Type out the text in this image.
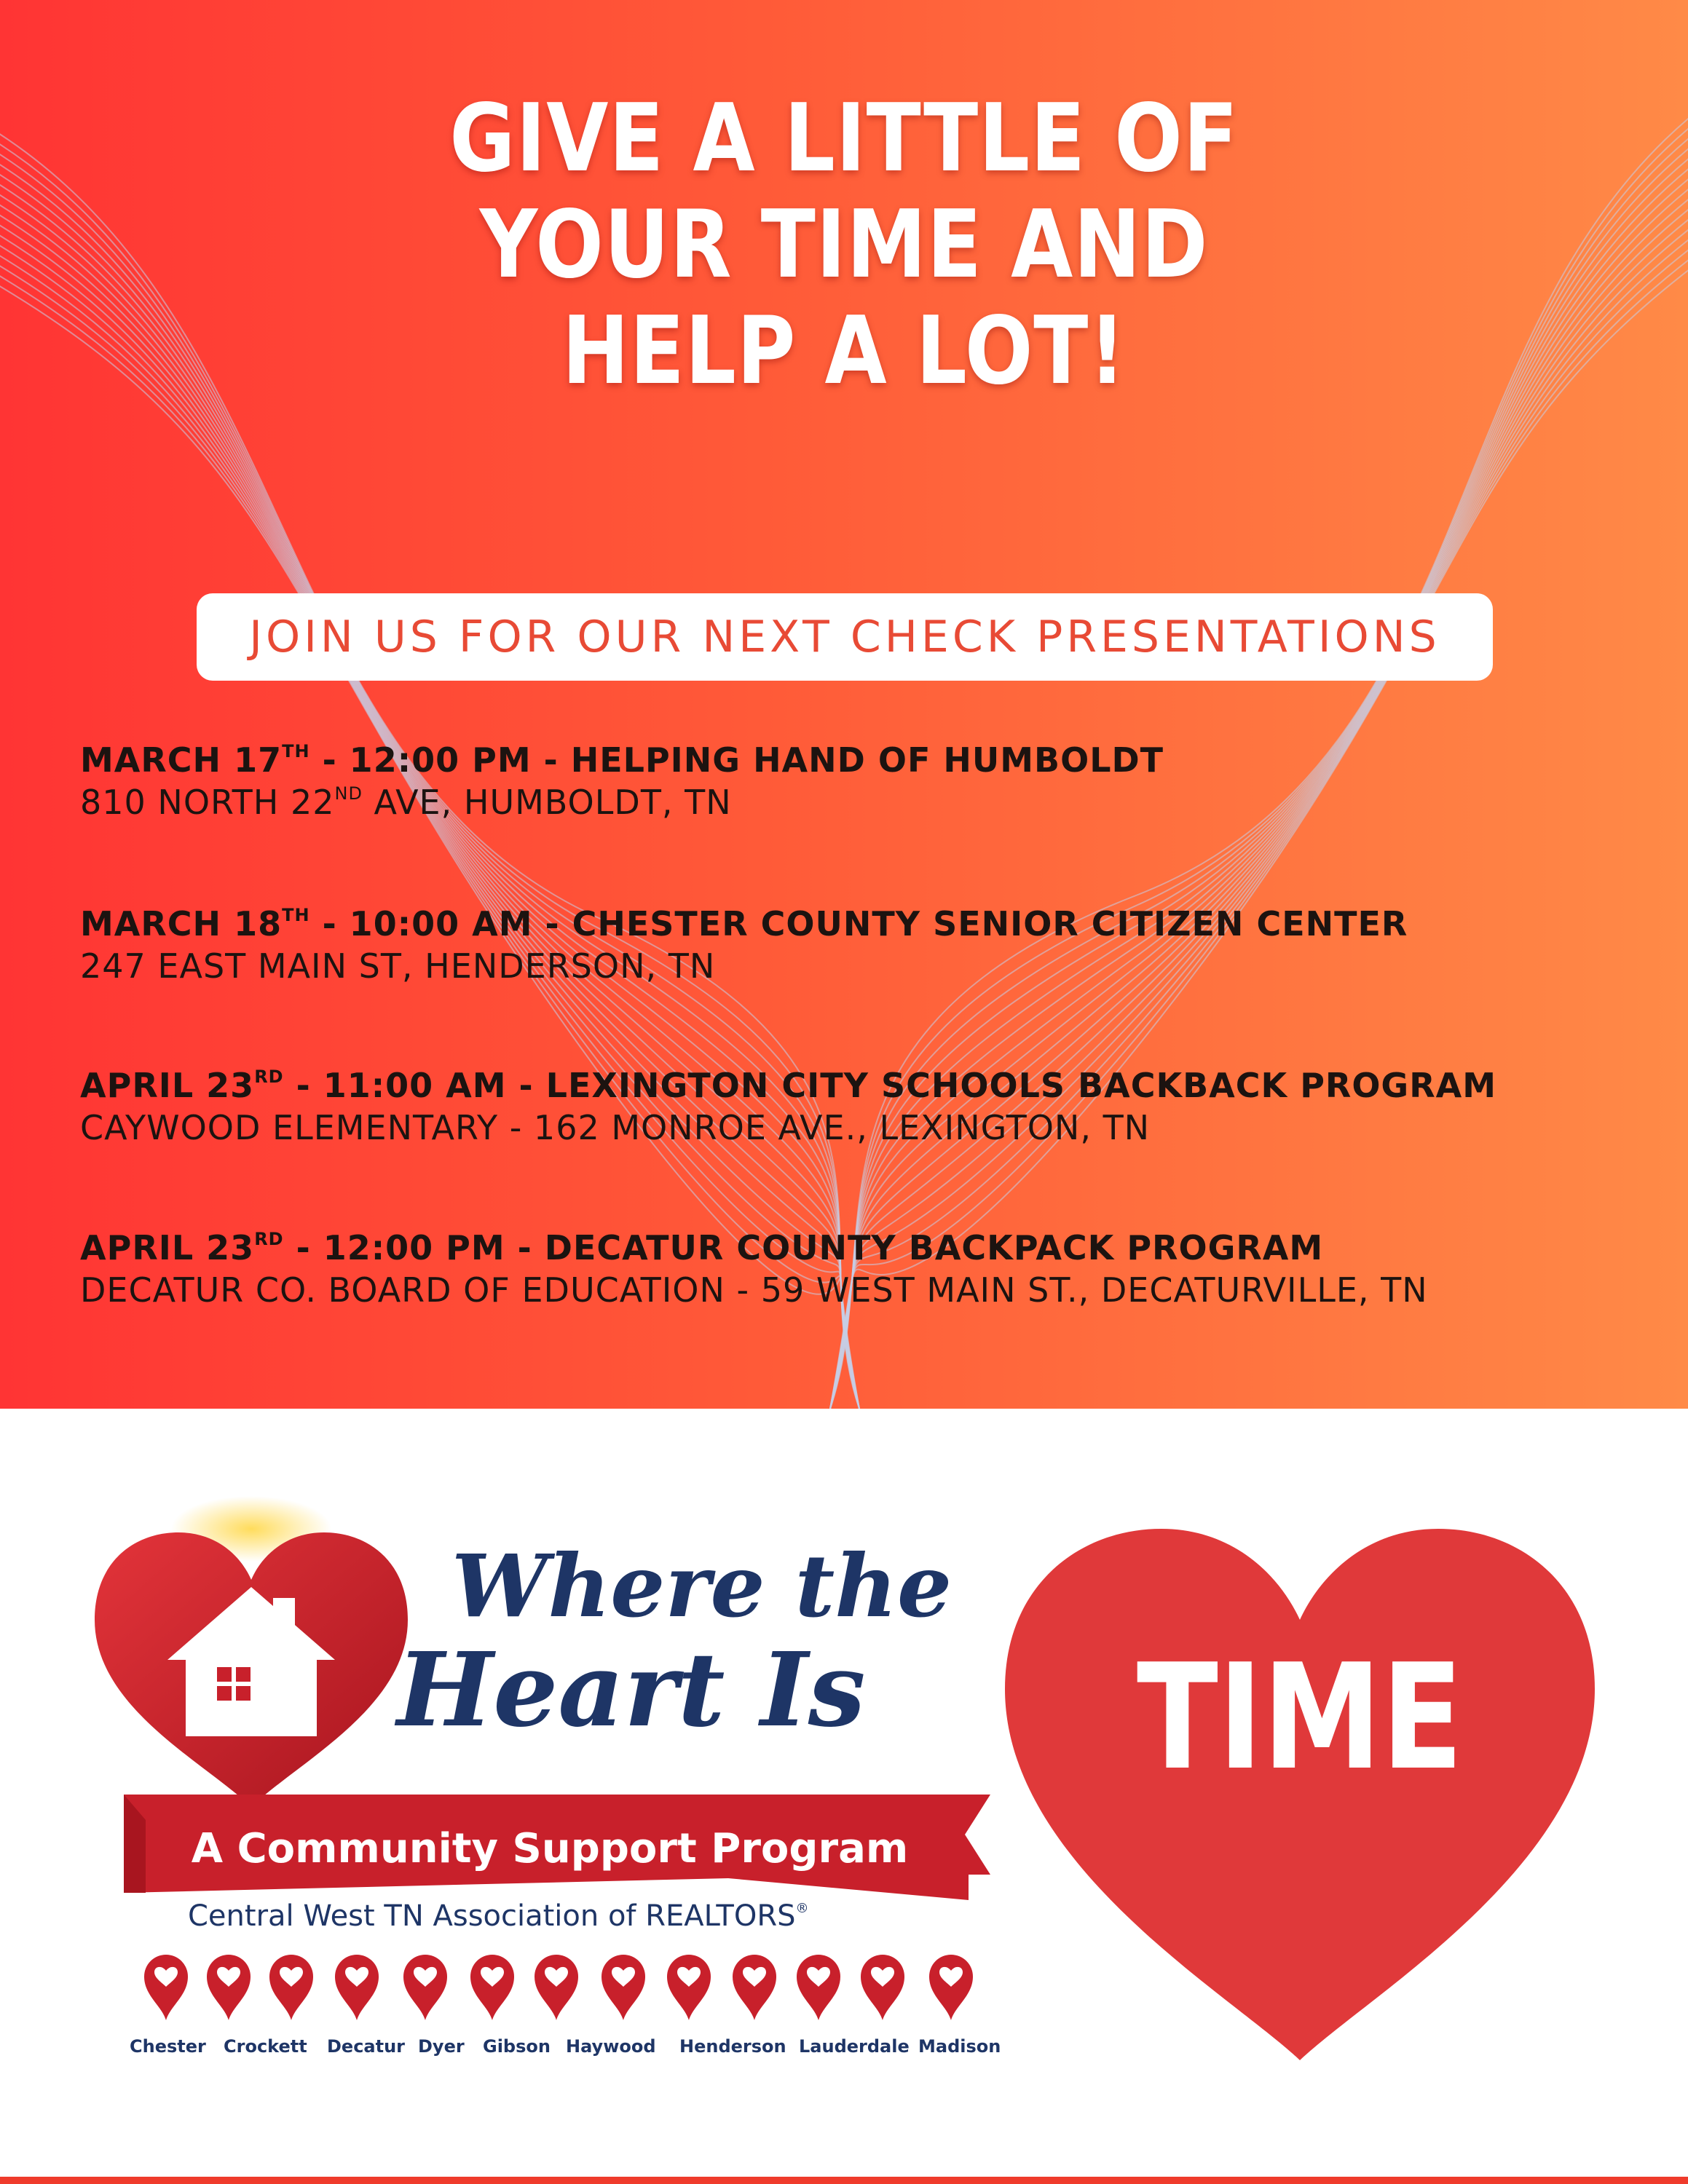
GIVE A LITTLE OF
YOUR TIME AND
HELP A LOT!
JOIN US FOR OUR NEXT CHECK PRESENTATIONS
MARCH 17TH - 12:00 PM - HELPING HAND OF HUMBOLDT
810 NORTH 22ND AVE, HUMBOLDT, TN
MARCH 18TH - 10:00 AM - CHESTER COUNTY SENIOR CITIZEN CENTER
247 EAST MAIN ST, HENDERSON, TN
APRIL 23RD - 11:00 AM - LEXINGTON CITY SCHOOLS BACKBACK PROGRAM
CAYWOOD ELEMENTARY - 162 MONROE AVE., LEXINGTON, TN
APRIL 23RD - 12:00 PM - DECATUR COUNTY BACKPACK PROGRAM
DECATUR CO. BOARD OF EDUCATION - 59 WEST MAIN ST., DECATURVILLE, TN
Where the
Heart Is
A Community Support Program
Central West TN Association of REALTORS®
Chester Crockett Decatur Dyer Gibson Haywood Henderson Lauderdale Madison
TIME
